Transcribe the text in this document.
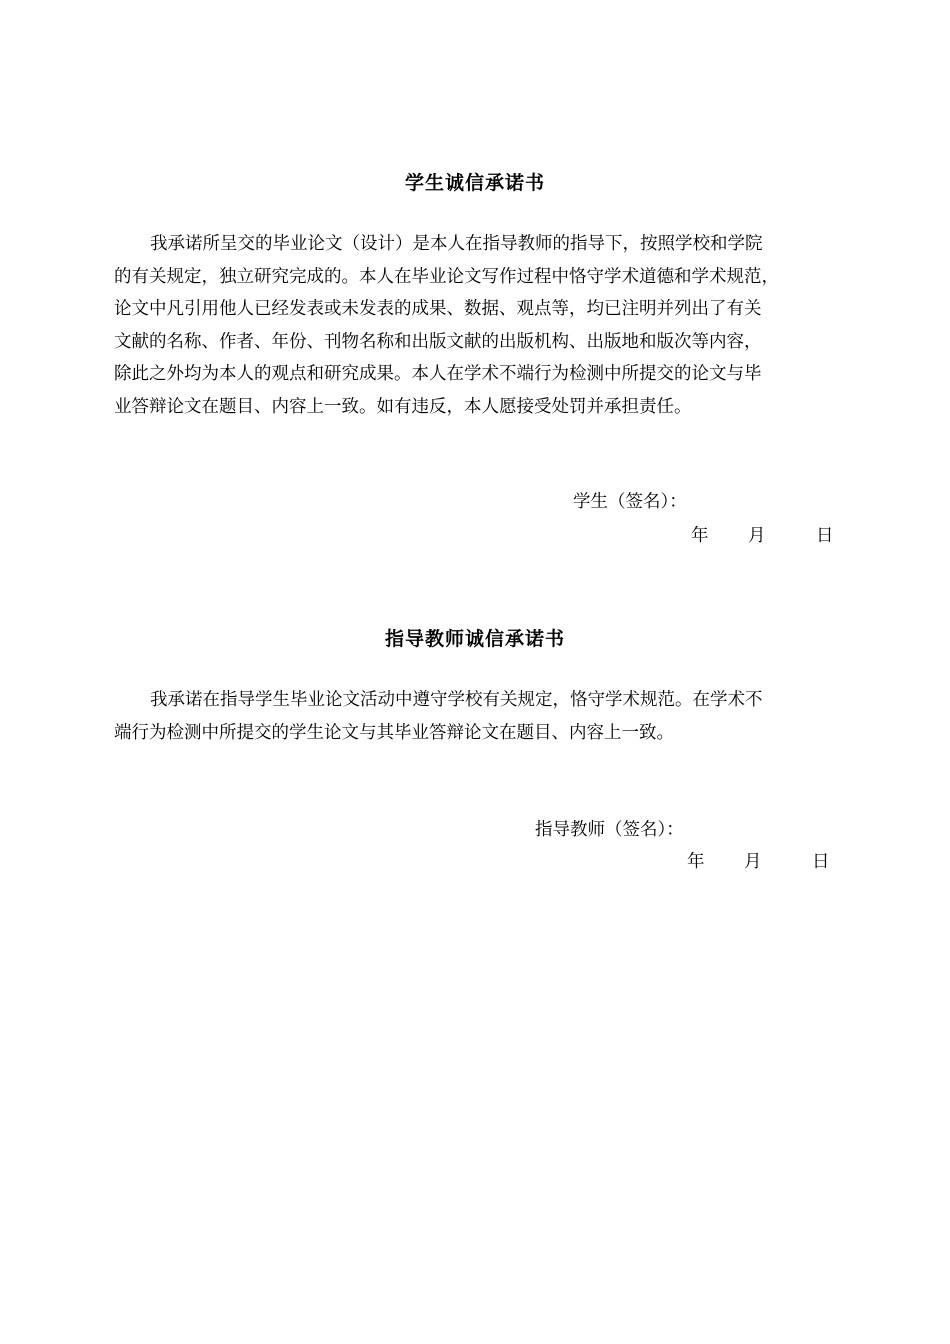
学生诚信承诺书
我承诺所呈交的毕业论文（设计）是本人在指导教师的指导下，按照学校和学院
的有关规定，独立研究完成的。本人在毕业论文写作过程中恪守学术道德和学术规范，
论文中凡引用他人已经发表或未发表的成果、数据、观点等，均已注明并列出了有关
文献的名称、作者、年份、刊物名称和出版文献的出版机构、出版地和版次等内容，
除此之外均为本人的观点和研究成果。本人在学术不端行为检测中所提交的论文与毕
业答辩论文在题目、内容上一致。如有违反，本人愿接受处罚并承担责任。
学生（签名）：
年 月	日
指导教师诚信承诺书
我承诺在指导学生毕业论文活动中遵守学校有关规定，恪守学术规范。在学术不
端行为检测中所提交的学生论文与其毕业答辩论文在题目、内容上一致。
指导教师（签名）：
年 月	日
